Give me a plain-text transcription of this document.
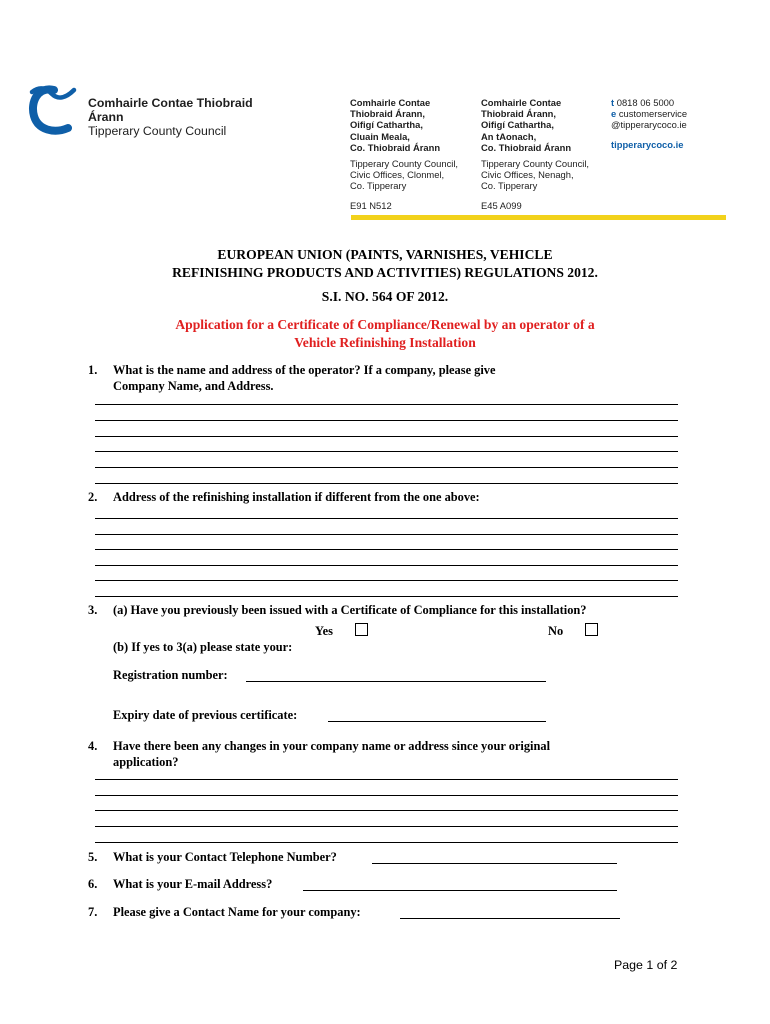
Comhairle Contae Thiobraid Árann
Tipperary County Council
Comhairle Contae
Thiobraid Árann,
Oifigí Cathartha,
Cluain Meala,
Co. Thiobraid Árann
Tipperary County Council,
Civic Offices, Clonmel,
Co. Tipperary
E91 N512
Comhairle Contae
Thiobraid Árann,
Oifigí Cathartha,
An tAonach,
Co. Thiobraid Árann
Tipperary County Council,
Civic Offices, Nenagh,
Co. Tipperary
E45 A099
t 0818 06 5000
e customerservice
@tipperarycoco.ie
tipperarycoco.ie
EUROPEAN UNION (PAINTS, VARNISHES, VEHICLE
REFINISHING PRODUCTS AND ACTIVITIES) REGULATIONS 2012.
S.I. NO. 564 OF 2012.
Application for a Certificate of Compliance/Renewal by an operator of a
Vehicle Refinishing Installation
1. What is the name and address of the operator? If a company, please give
Company Name, and Address.
2. Address of the refinishing installation if different from the one above:
3. (a) Have you previously been issued with a Certificate of Compliance for this installation?
Yes	No
(b) If yes to 3(a) please state your:
Registration number:
Expiry date of previous certificate:
4. Have there been any changes in your company name or address since your original
application?
5. What is your Contact Telephone Number?
6. What is your E-mail Address?
7. Please give a Contact Name for your company:
Page 1 of 2
